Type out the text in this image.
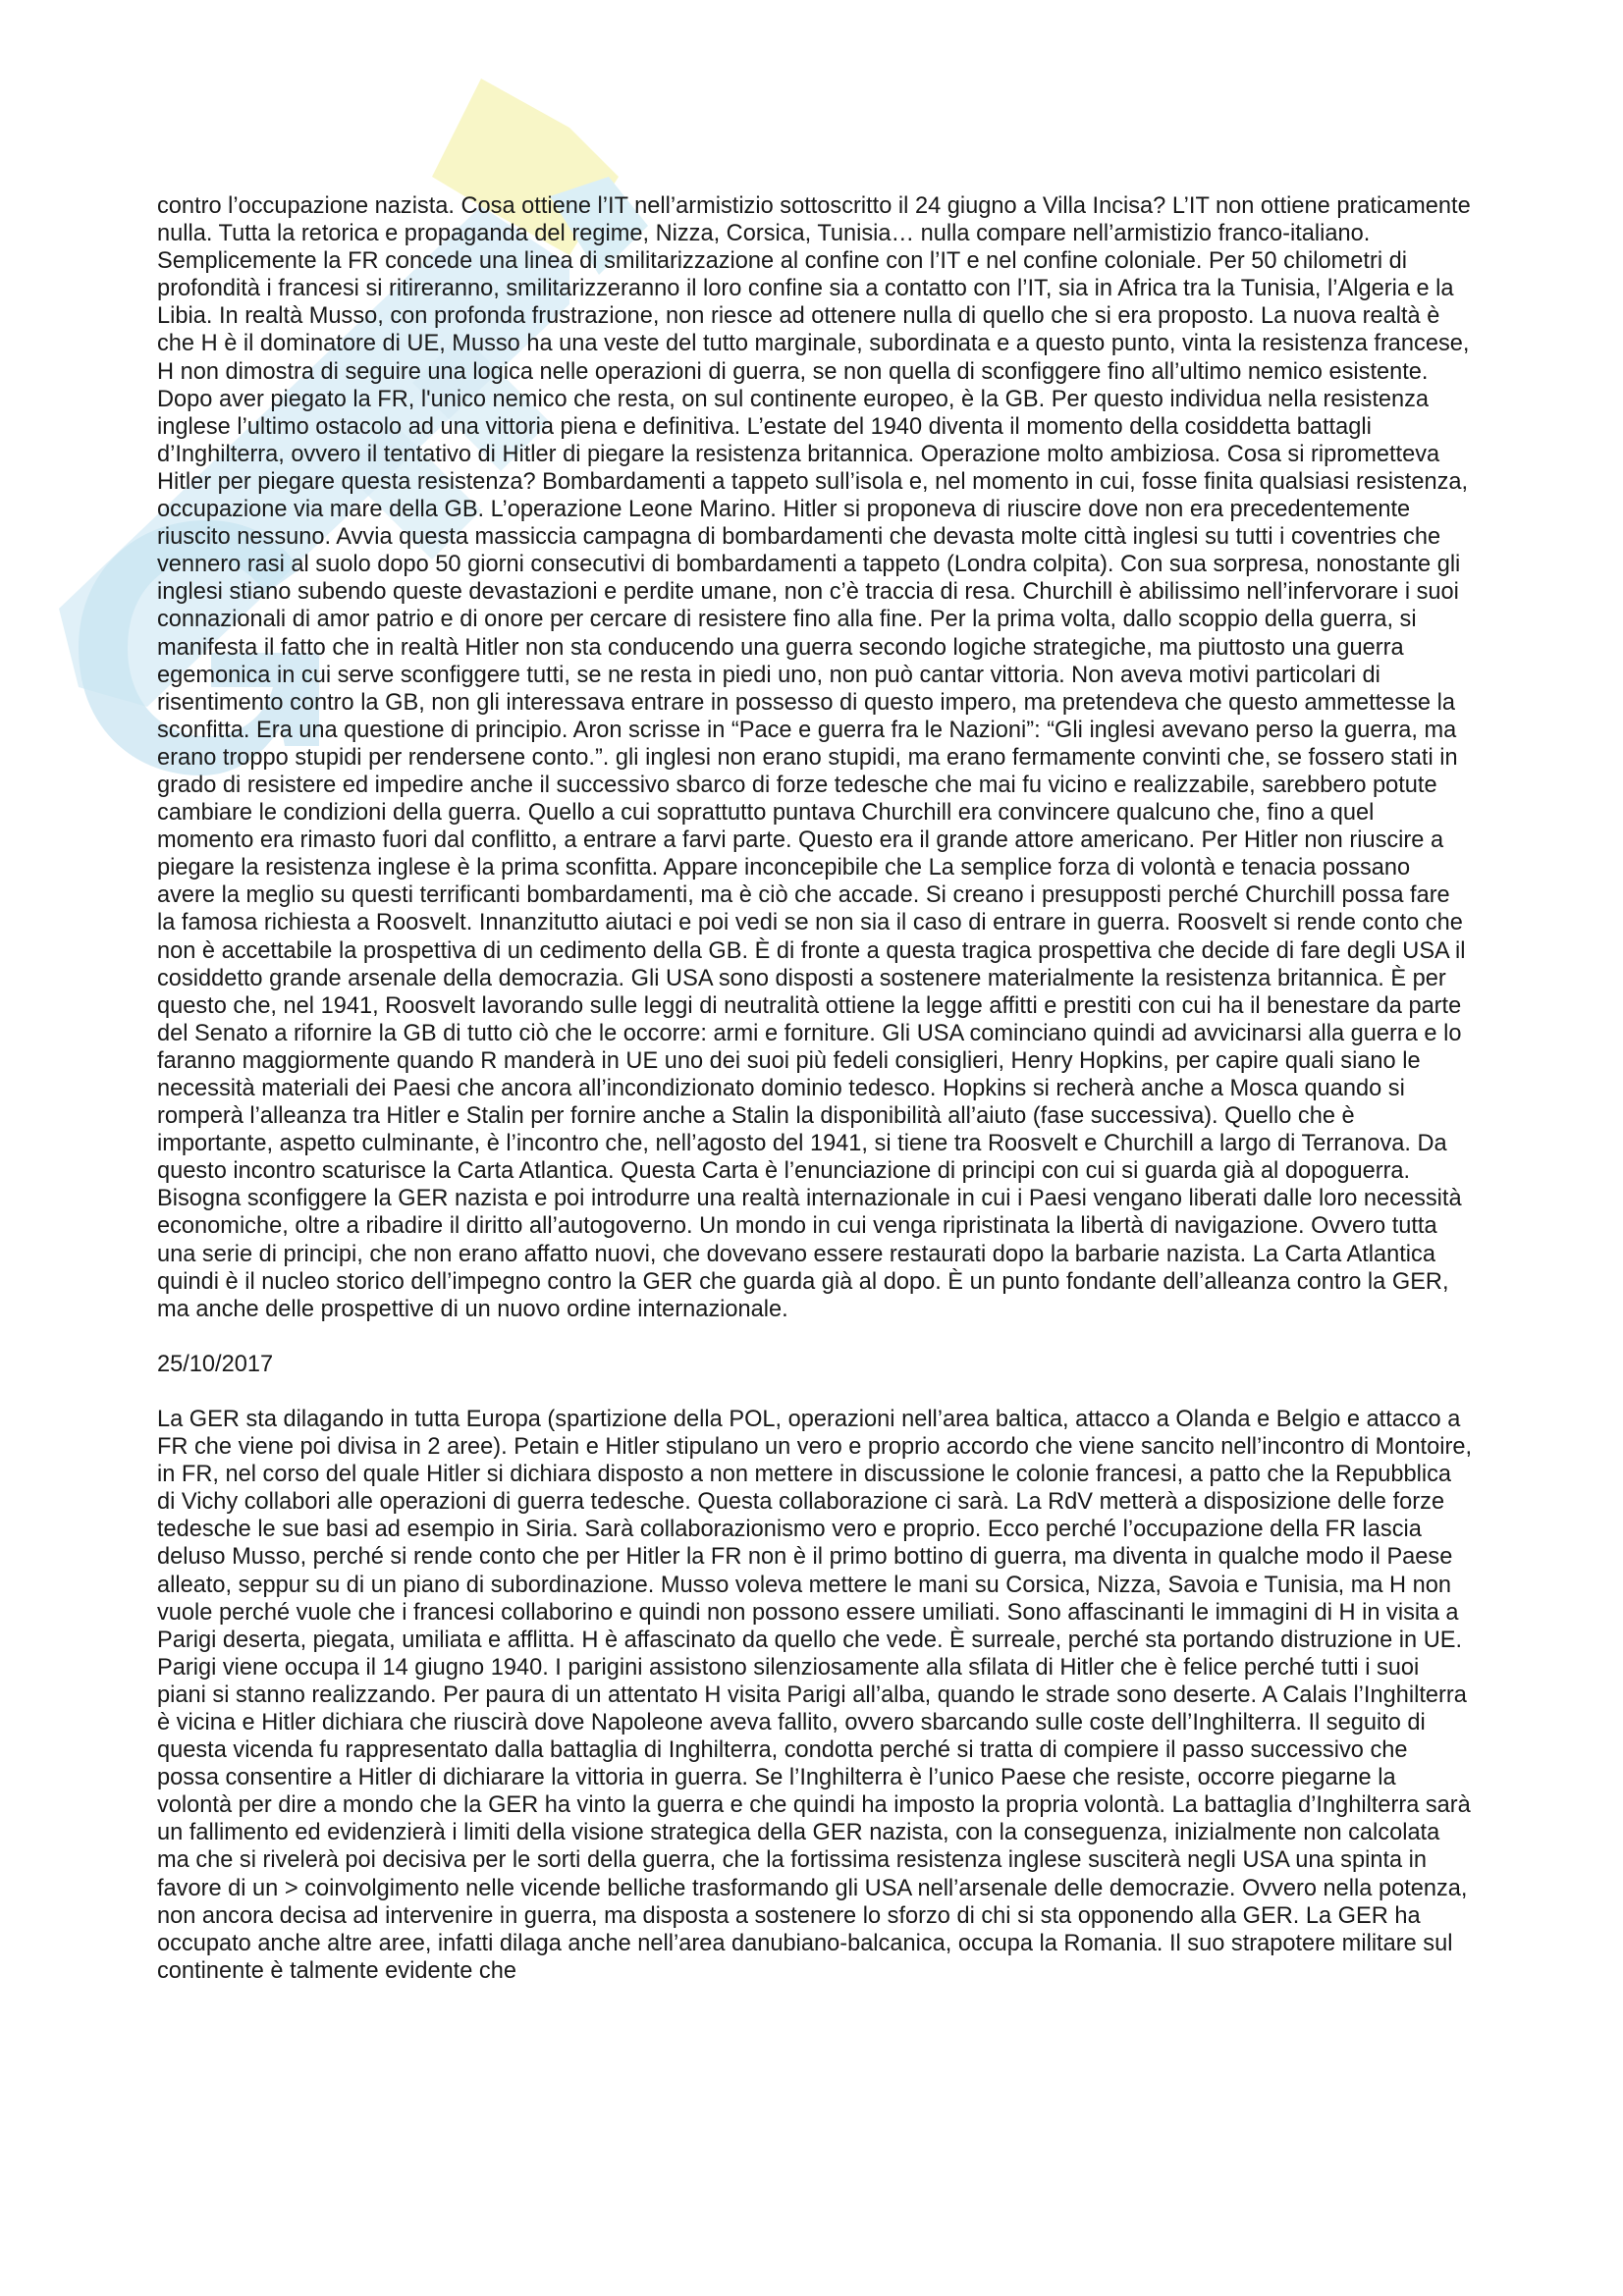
contro l’occupazione nazista. Cosa ottiene l’IT nell’armistizio sottoscritto il 24 giugno a Villa Incisa? L’IT non ottiene praticamente nulla. Tutta la retorica e propaganda del regime, Nizza, Corsica, Tunisia… nulla compare nell’armistizio franco-italiano. Semplicemente la FR concede una linea di smilitarizzazione al confine con l’IT e nel confine coloniale. Per 50 chilometri di profondità i francesi si ritireranno, smilitarizzeranno il loro confine sia a contatto con l’IT, sia in Africa tra la Tunisia, l’Algeria e la Libia. In realtà Musso, con profonda frustrazione, non riesce ad ottenere nulla di quello che si era proposto. La nuova realtà è che H è il dominatore di UE, Musso ha una veste del tutto marginale, subordinata e a questo punto, vinta la resistenza francese, H non dimostra di seguire una logica nelle operazioni di guerra, se non quella di sconfiggere fino all’ultimo nemico esistente. Dopo aver piegato la FR, l'unico nemico che resta, on sul continente europeo, è la GB. Per questo individua nella resistenza inglese l’ultimo ostacolo ad una vittoria piena e definitiva. L’estate del 1940 diventa il momento della cosiddetta battagli d’Inghilterra, ovvero il tentativo di Hitler di piegare la resistenza britannica. Operazione molto ambiziosa. Cosa si riprometteva Hitler per piegare questa resistenza? Bombardamenti a tappeto sull’isola e, nel momento in cui, fosse finita qualsiasi resistenza, occupazione via mare della GB. L’operazione Leone Marino. Hitler si proponeva di riuscire dove non era precedentemente riuscito nessuno. Avvia questa massiccia campagna di bombardamenti che devasta molte città inglesi su tutti i coventries che vennero rasi al suolo dopo 50 giorni consecutivi di bombardamenti a tappeto (Londra colpita). Con sua sorpresa, nonostante gli inglesi stiano subendo queste devastazioni e perdite umane, non c’è traccia di resa. Churchill è abilissimo nell’infervorare i suoi connazionali di amor patrio e di onore per cercare di resistere fino alla fine. Per la prima volta, dallo scoppio della guerra, si manifesta il fatto che in realtà Hitler non sta conducendo una guerra secondo logiche strategiche, ma piuttosto una guerra egemonica in cui serve sconfiggere tutti, se ne resta in piedi uno, non può cantar vittoria. Non aveva motivi particolari di risentimento contro la GB, non gli interessava entrare in possesso di questo impero, ma pretendeva che questo ammettesse la sconfitta. Era una questione di principio. Aron scrisse in “Pace e guerra fra le Nazioni”: “Gli inglesi avevano perso la guerra, ma erano troppo stupidi per rendersene conto.”. gli inglesi non erano stupidi, ma erano fermamente convinti che, se fossero stati in grado di resistere ed impedire anche il successivo sbarco di forze tedesche che mai fu vicino e realizzabile, sarebbero potute cambiare le condizioni della guerra. Quello a cui soprattutto puntava Churchill era convincere qualcuno che, fino a quel momento era rimasto fuori dal conflitto, a entrare a farvi parte. Questo era il grande attore americano. Per Hitler non riuscire a piegare la resistenza inglese è la prima sconfitta. Appare inconcepibile che La semplice forza di volontà e tenacia possano avere la meglio su questi terrificanti bombardamenti, ma è ciò che accade. Si creano i presupposti perché Churchill possa fare la famosa richiesta a Roosvelt. Innanzitutto aiutaci e poi vedi se non sia il caso di entrare in guerra. Roosvelt si rende conto che non è accettabile la prospettiva di un cedimento della GB. È di fronte a questa tragica prospettiva che decide di fare degli USA il cosiddetto grande arsenale della democrazia. Gli USA sono disposti a sostenere materialmente la resistenza britannica. È per questo che, nel 1941, Roosvelt lavorando sulle leggi di neutralità ottiene la legge affitti e prestiti con cui ha il benestare da parte del Senato a rifornire la GB di tutto ciò che le occorre: armi e forniture. Gli USA cominciano quindi ad avvicinarsi alla guerra e lo faranno maggiormente quando R manderà in UE uno dei suoi più fedeli consiglieri, Henry Hopkins, per capire quali siano le necessità materiali dei Paesi che ancora all’incondizionato dominio tedesco. Hopkins si recherà anche a Mosca quando si romperà l’alleanza tra Hitler e Stalin per fornire anche a Stalin la disponibilità all’aiuto (fase successiva). Quello che è importante, aspetto culminante, è l’incontro che, nell’agosto del 1941, si tiene tra Roosvelt e Churchill a largo di Terranova. Da questo incontro scaturisce la Carta Atlantica. Questa Carta è l’enunciazione di principi con cui si guarda già al dopoguerra. Bisogna sconfiggere la GER nazista e poi introdurre una realtà internazionale in cui i Paesi vengano liberati dalle loro necessità economiche, oltre a ribadire il diritto all’autogoverno. Un mondo in cui venga ripristinata la libertà di navigazione. Ovvero tutta una serie di principi, che non erano affatto nuovi, che dovevano essere restaurati dopo la barbarie nazista. La Carta Atlantica quindi è il nucleo storico dell’impegno contro la GER che guarda già al dopo. È un punto fondante dell’alleanza contro la GER, ma anche delle prospettive di un nuovo ordine internazionale.

25/10/2017

La GER sta dilagando in tutta Europa (spartizione della POL, operazioni nell’area baltica, attacco a Olanda e Belgio e attacco a FR che viene poi divisa in 2 aree). Petain e Hitler stipulano un vero e proprio accordo che viene sancito nell’incontro di Montoire, in FR, nel corso del quale Hitler si dichiara disposto a non mettere in discussione le colonie francesi, a patto che la Repubblica di Vichy collabori alle operazioni di guerra tedesche. Questa collaborazione ci sarà. La RdV metterà a disposizione delle forze tedesche le sue basi ad esempio in Siria. Sarà collaborazionismo vero e proprio. Ecco perché l’occupazione della FR lascia deluso Musso, perché si rende conto che per Hitler la FR non è il primo bottino di guerra, ma diventa in qualche modo il Paese alleato, seppur su di un piano di subordinazione. Musso voleva mettere le mani su Corsica, Nizza, Savoia e Tunisia, ma H non vuole perché vuole che i francesi collaborino e quindi non possono essere umiliati. Sono affascinanti le immagini di H in visita a Parigi deserta, piegata, umiliata e afflitta. H è affascinato da quello che vede. È surreale, perché sta portando distruzione in UE. Parigi viene occupa il 14 giugno 1940. I parigini assistono silenziosamente alla sfilata di Hitler che è felice perché tutti i suoi piani si stanno realizzando. Per paura di un attentato H visita Parigi all’alba, quando le strade sono deserte. A Calais l’Inghilterra è vicina e Hitler dichiara che riuscirà dove Napoleone aveva fallito, ovvero sbarcando sulle coste dell’Inghilterra. Il seguito di questa vicenda fu rappresentato dalla battaglia di Inghilterra, condotta perché si tratta di compiere il passo successivo che possa consentire a Hitler di dichiarare la vittoria in guerra. Se l’Inghilterra è l’unico Paese che resiste, occorre piegarne la volontà per dire a mondo che la GER ha vinto la guerra e che quindi ha imposto la propria volontà. La battaglia d’Inghilterra sarà un fallimento ed evidenzierà i limiti della visione strategica della GER nazista, con la conseguenza, inizialmente non calcolata ma che si rivelerà poi decisiva per le sorti della guerra, che la fortissima resistenza inglese susciterà negli USA una spinta in favore di un > coinvolgimento nelle vicende belliche trasformando gli USA nell’arsenale delle democrazie. Ovvero nella potenza, non ancora decisa ad intervenire in guerra, ma disposta a sostenere lo sforzo di chi si sta opponendo alla GER. La GER ha occupato anche altre aree, infatti dilaga anche nell’area danubiano-balcanica, occupa la Romania. Il suo strapotere militare sul continente è talmente evidente che
